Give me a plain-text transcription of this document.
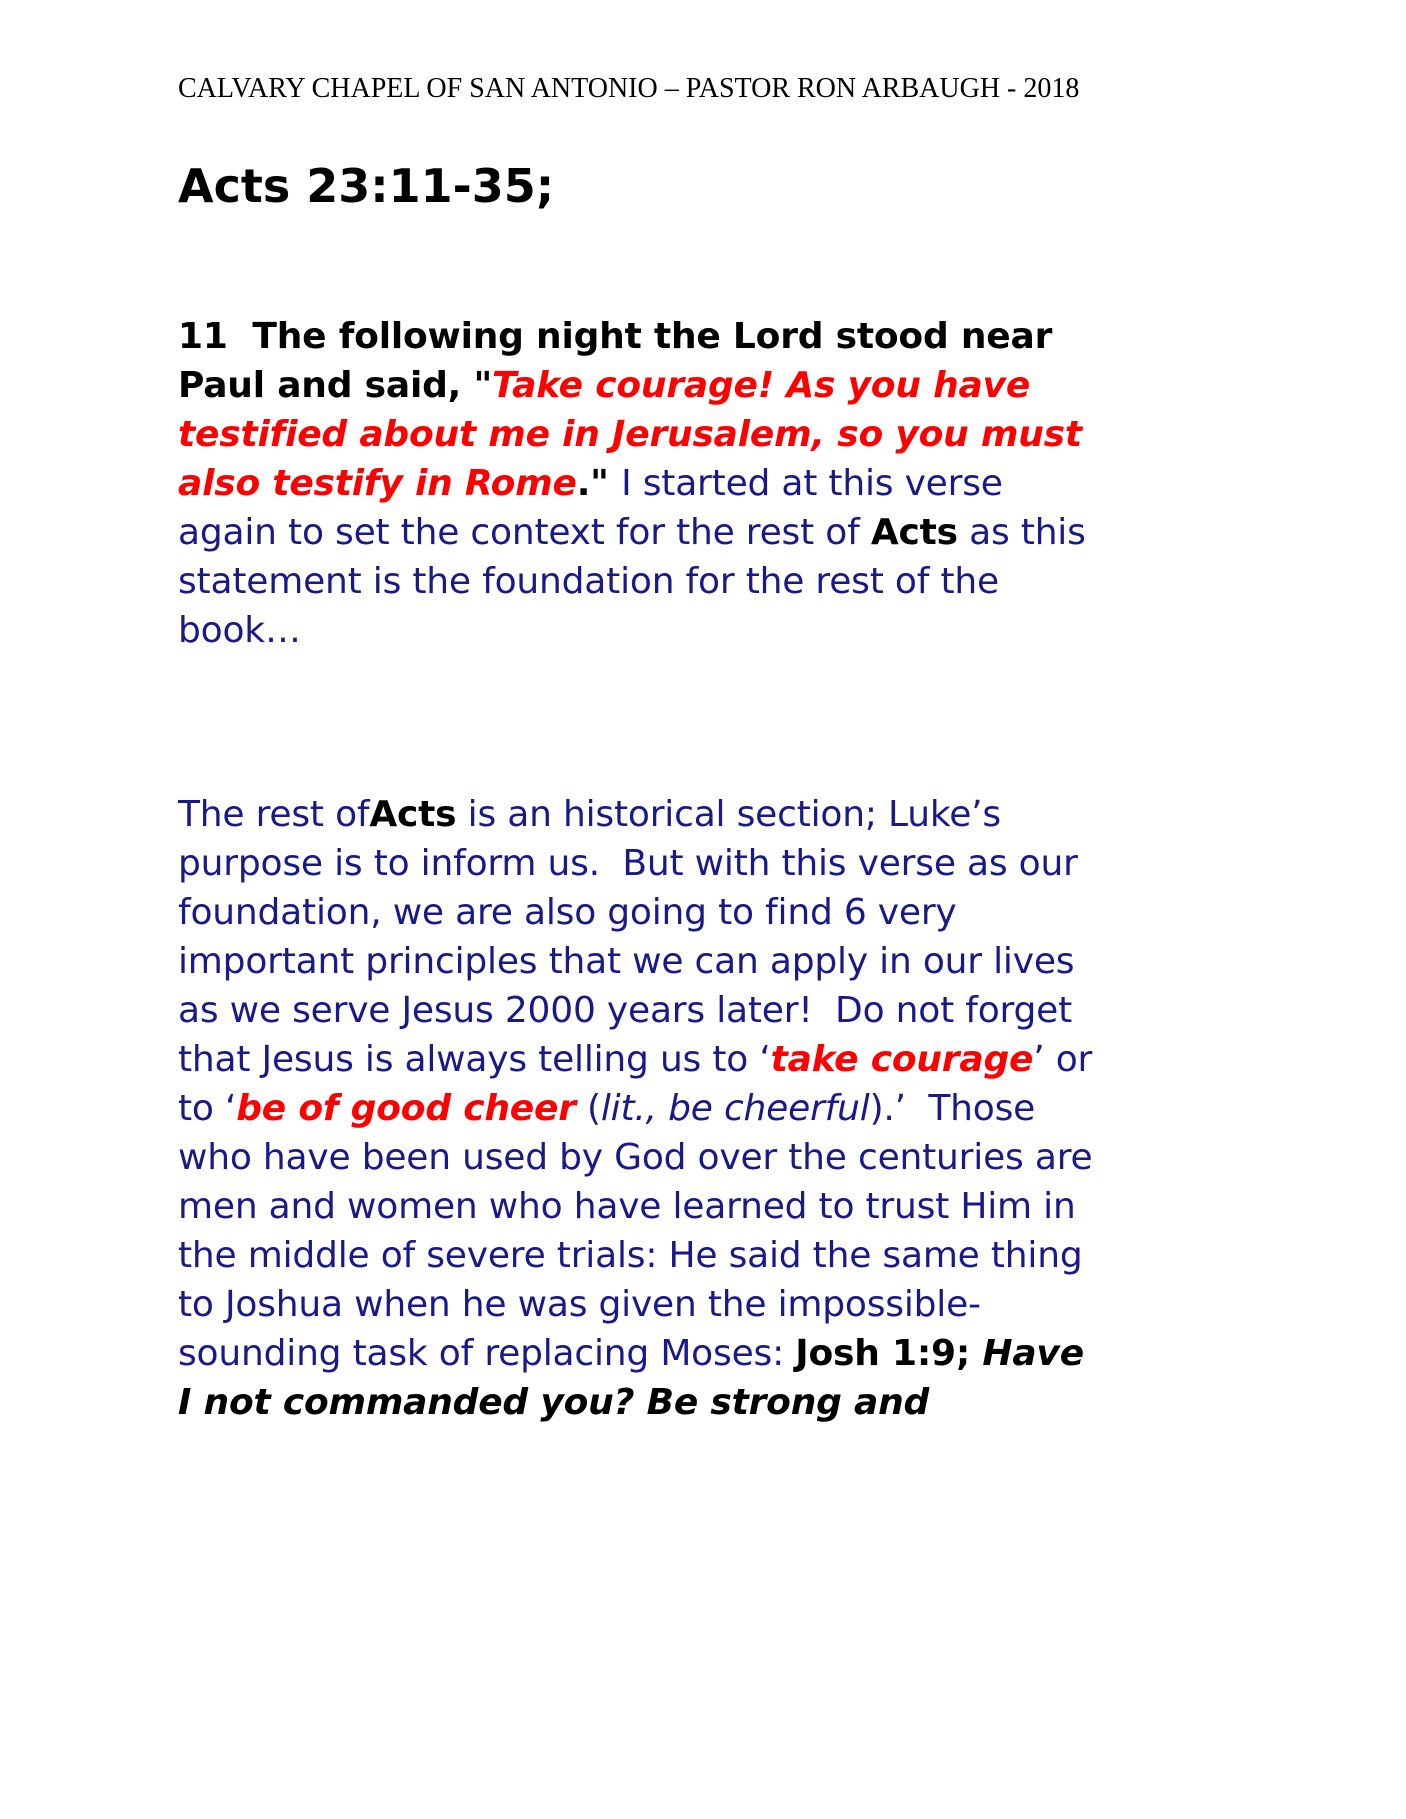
CALVARY CHAPEL OF SAN ANTONIO – PASTOR RON ARBAUGH - 2018
Acts 23:11-35;

11  The following night the Lord stood near Paul and said, "Take courage! As you have testified about me in Jerusalem, so you must also testify in Rome." I started at this verse again to set the context for the rest of Acts as this statement is the foundation for the rest of the book…

The rest ofActs is an historical section; Luke’s purpose is to inform us.  But with this verse as our foundation, we are also going to find 6 very important principles that we can apply in our lives as we serve Jesus 2000 years later!  Do not forget that Jesus is always telling us to ‘take courage’ or to ‘be of good cheer (lit., be cheerful).’  Those who have been used by God over the centuries are men and women who have learned to trust Him in the middle of severe trials: He said the same thing to Joshua when he was given the impossible-sounding task of replacing Moses: Josh 1:9; Have I not commanded you? Be strong and
